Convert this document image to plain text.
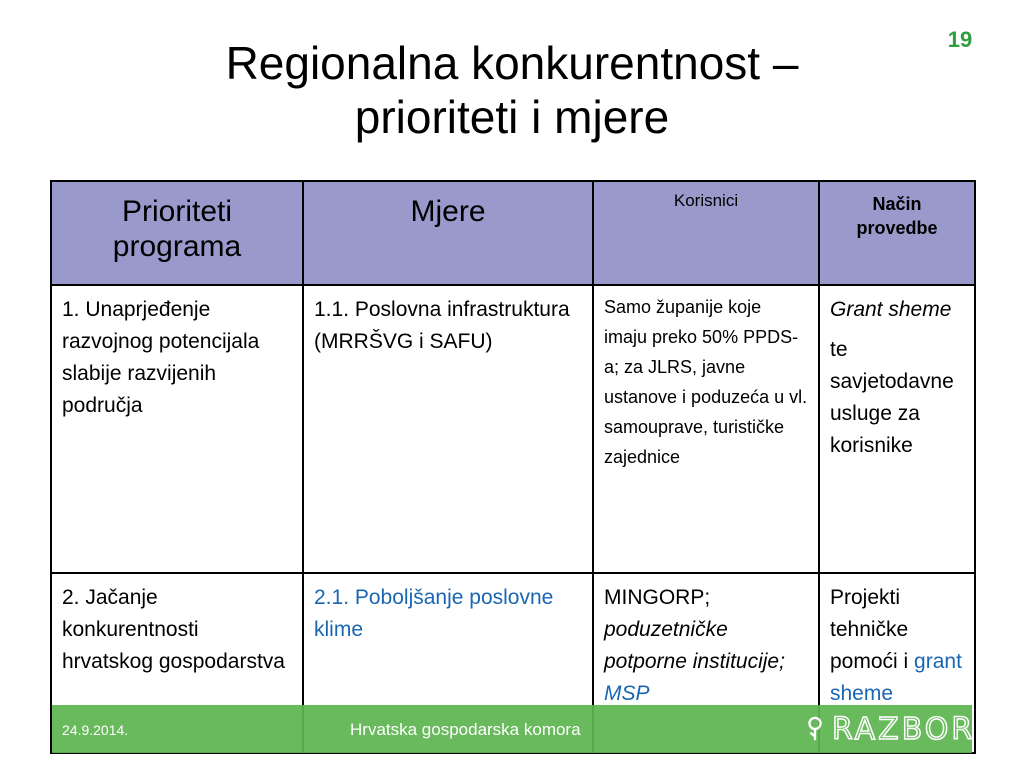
19
Regionalna konkurentnost –
prioriteti i mjere
Prioriteti programa	Mjere	Korisnici	Način provedbe
1. Unaprjeđenje razvojnog potencijala slabije razvijenih područja	1.1. Poslovna infrastruktura (MRRŠVG i SAFU)	Samo županije koje imaju preko 50% PPDS-a; za JLRS, javne ustanove i poduzeća u vl. samouprave, turističke zajednice	Grant sheme
te savjetodavne usluge za korisnike

2. Jačanje konkurentnosti hrvatskog gospodarstva	2.1. Poboljšanje poslovne klime	MINGORP;
poduzetničke potporne institucije; MSP	Projekti tehničke pomoći i grant sheme
24.9.2014.	Hrvatska gospodarska komora	RAZBOR
